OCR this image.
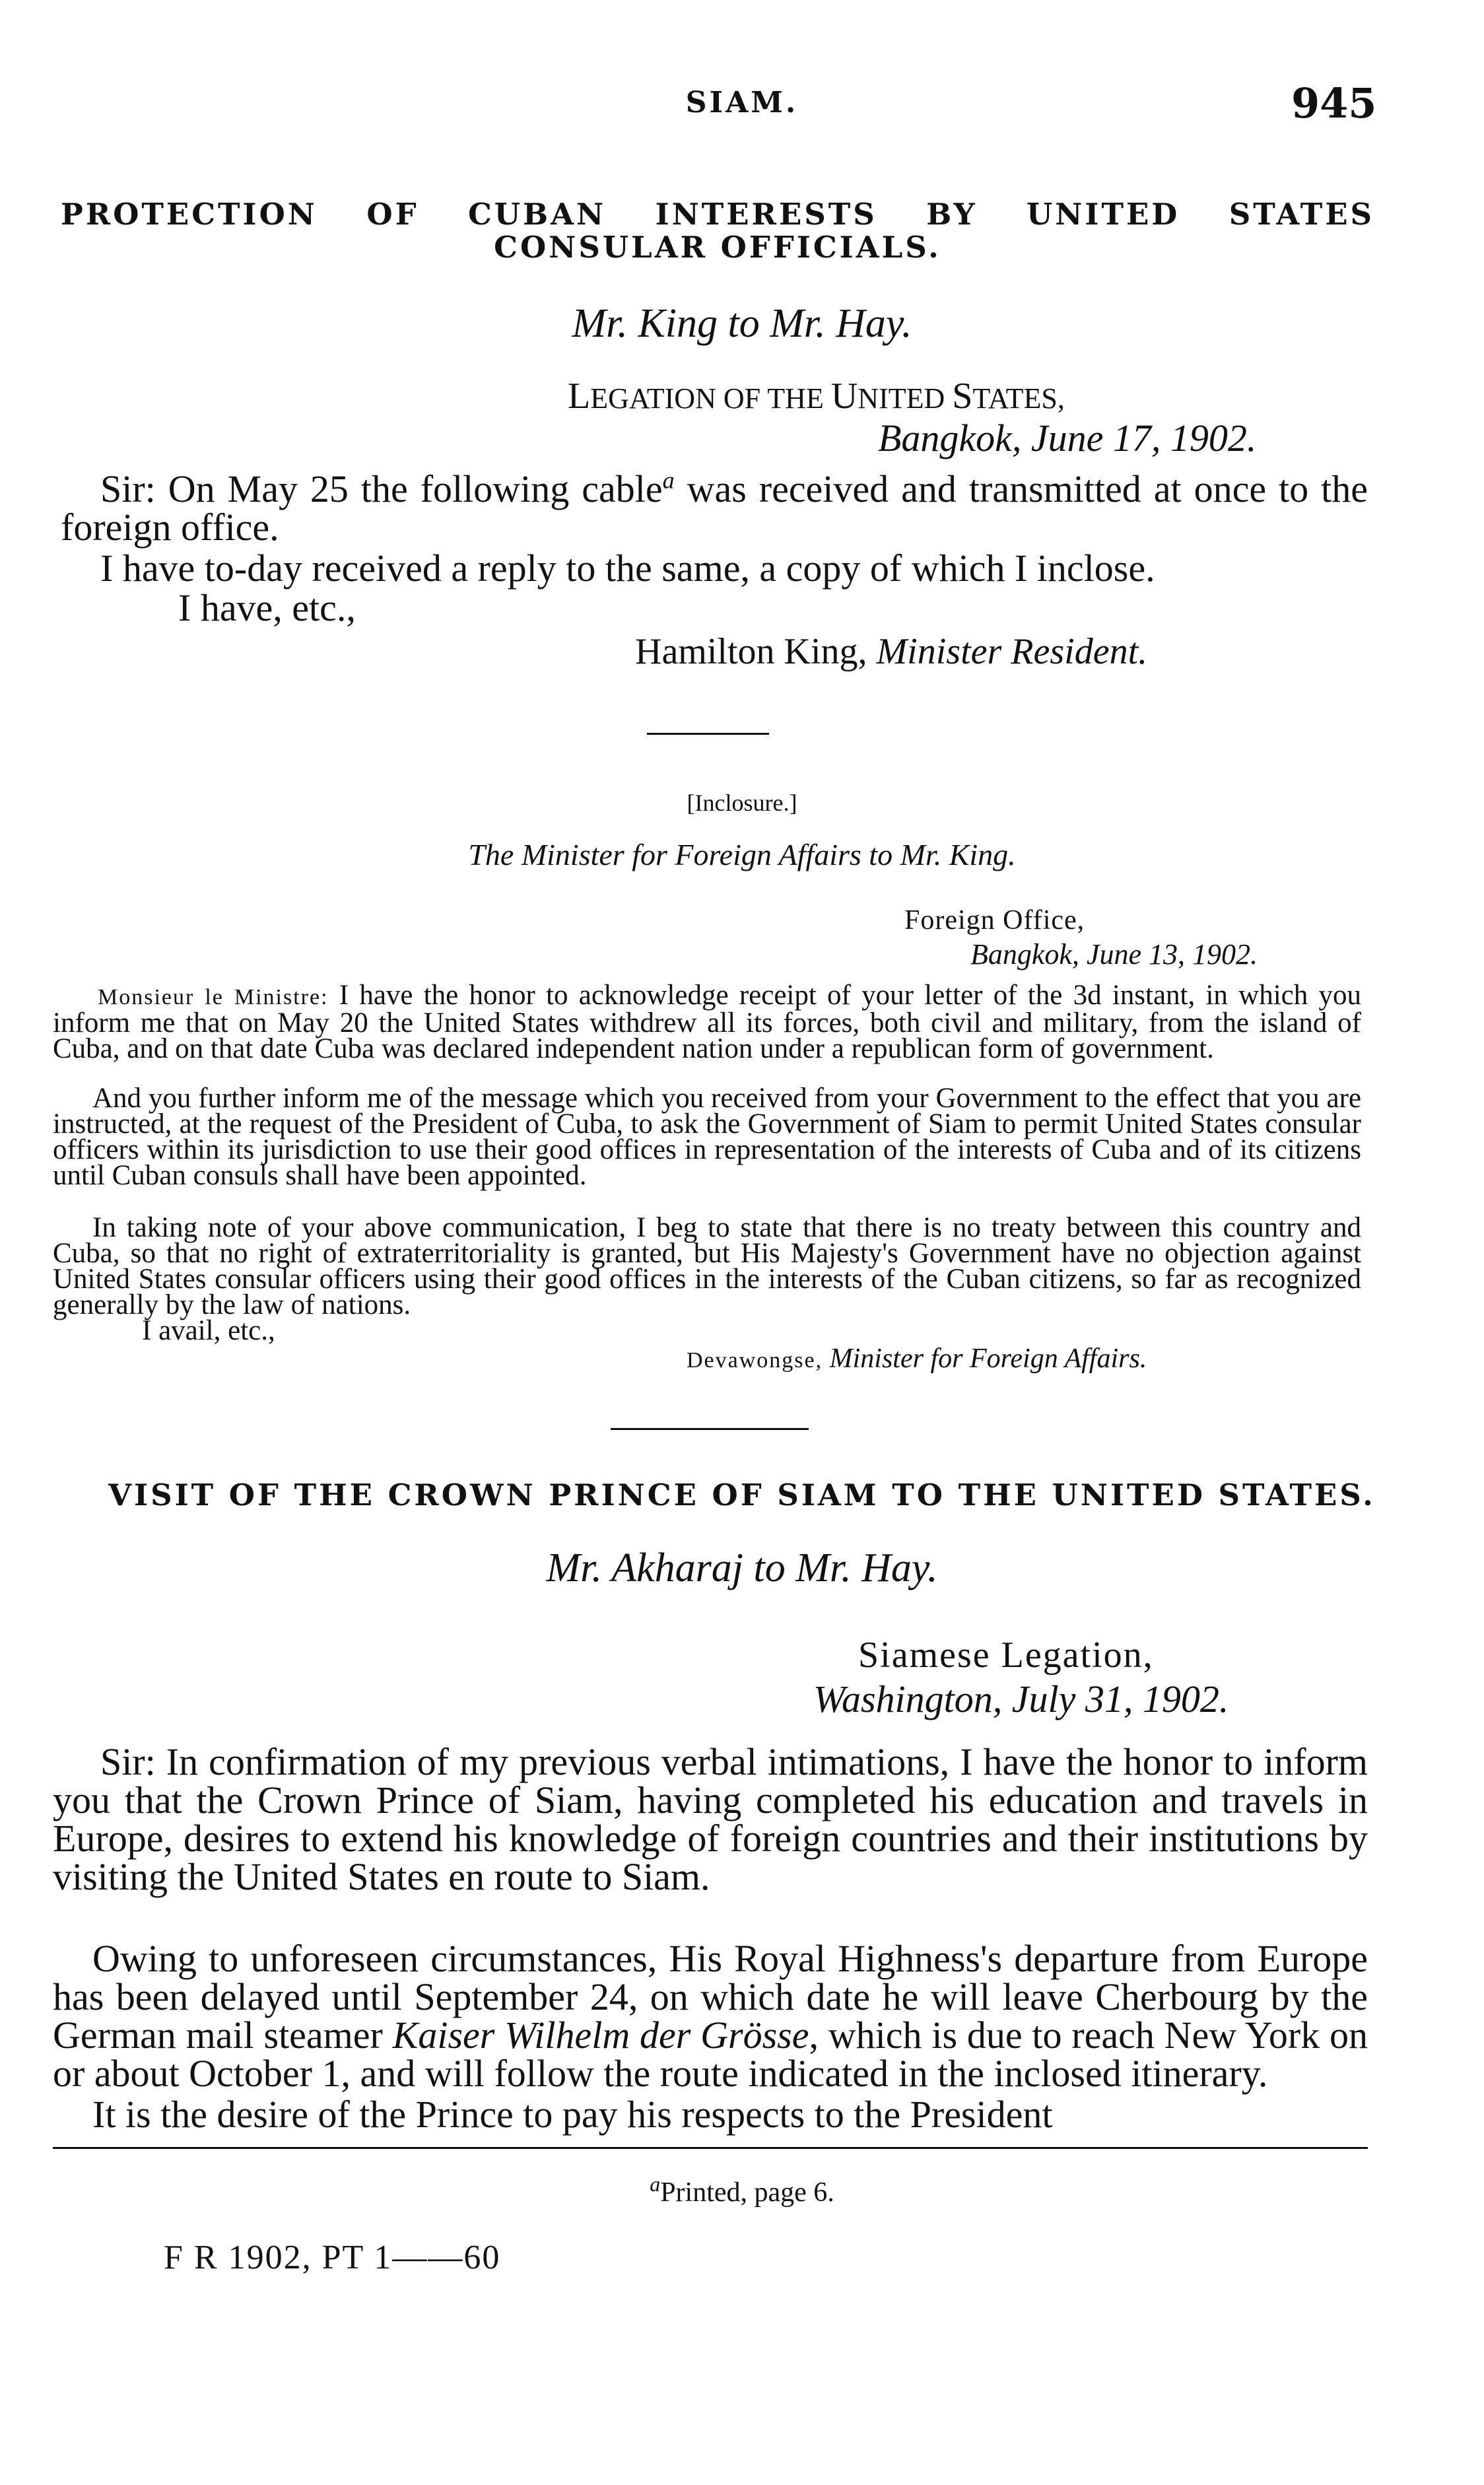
SIAM.	945
PROTECTION OF CUBAN INTERESTS BY UNITED STATES CONSULAR OFFICIALS.
Mr. King to Mr. Hay.
LEGATION OF THE UNITED STATES,
Bangkok, June 17, 1902.
Sir: On May 25 the following cable$^a$ was received and transmitted at once to the foreign office.
I have to-day received a reply to the same, a copy of which I inclose.
I have, etc.,
Hamilton King, Minister Resident.
[Inclosure.]
The Minister for Foreign Affairs to Mr. King.
Foreign Office,
Bangkok, June 13, 1902.
Monsieur le Ministre: I have the honor to acknowledge receipt of your letter of the 3d instant, in which you inform me that on May 20 the United States withdrew all its forces, both civil and military, from the island of Cuba, and on that date Cuba was declared independent nation under a republican form of government.
And you further inform me of the message which you received from your Government to the effect that you are instructed, at the request of the President of Cuba, to ask the Government of Siam to permit United States consular officers within its jurisdiction to use their good offices in representation of the interests of Cuba and of its citizens until Cuban consuls shall have been appointed.
In taking note of your above communication, I beg to state that there is no treaty between this country and Cuba, so that no right of extraterritoriality is granted, but His Majesty's Government have no objection against United States consular officers using their good offices in the interests of the Cuban citizens, so far as recognized generally by the law of nations.
I avail, etc.,
Devawongse, Minister for Foreign Affairs.
VISIT OF THE CROWN PRINCE OF SIAM TO THE UNITED STATES.
Mr. Akharaj to Mr. Hay.
Siamese Legation,
Washington, July 31, 1902.
Sir: In confirmation of my previous verbal intimations, I have the honor to inform you that the Crown Prince of Siam, having completed his education and travels in Europe, desires to extend his knowledge of foreign countries and their institutions by visiting the United States en route to Siam.
Owing to unforeseen circumstances, His Royal Highness's departure from Europe has been delayed until September 24, on which date he will leave Cherbourg by the German mail steamer Kaiser Wilhelm der Grösse, which is due to reach New York on or about October 1, and will follow the route indicated in the inclosed itinerary.
It is the desire of the Prince to pay his respects to the President
$^a$Printed, page 6.
F R 1902, PT 1——60
